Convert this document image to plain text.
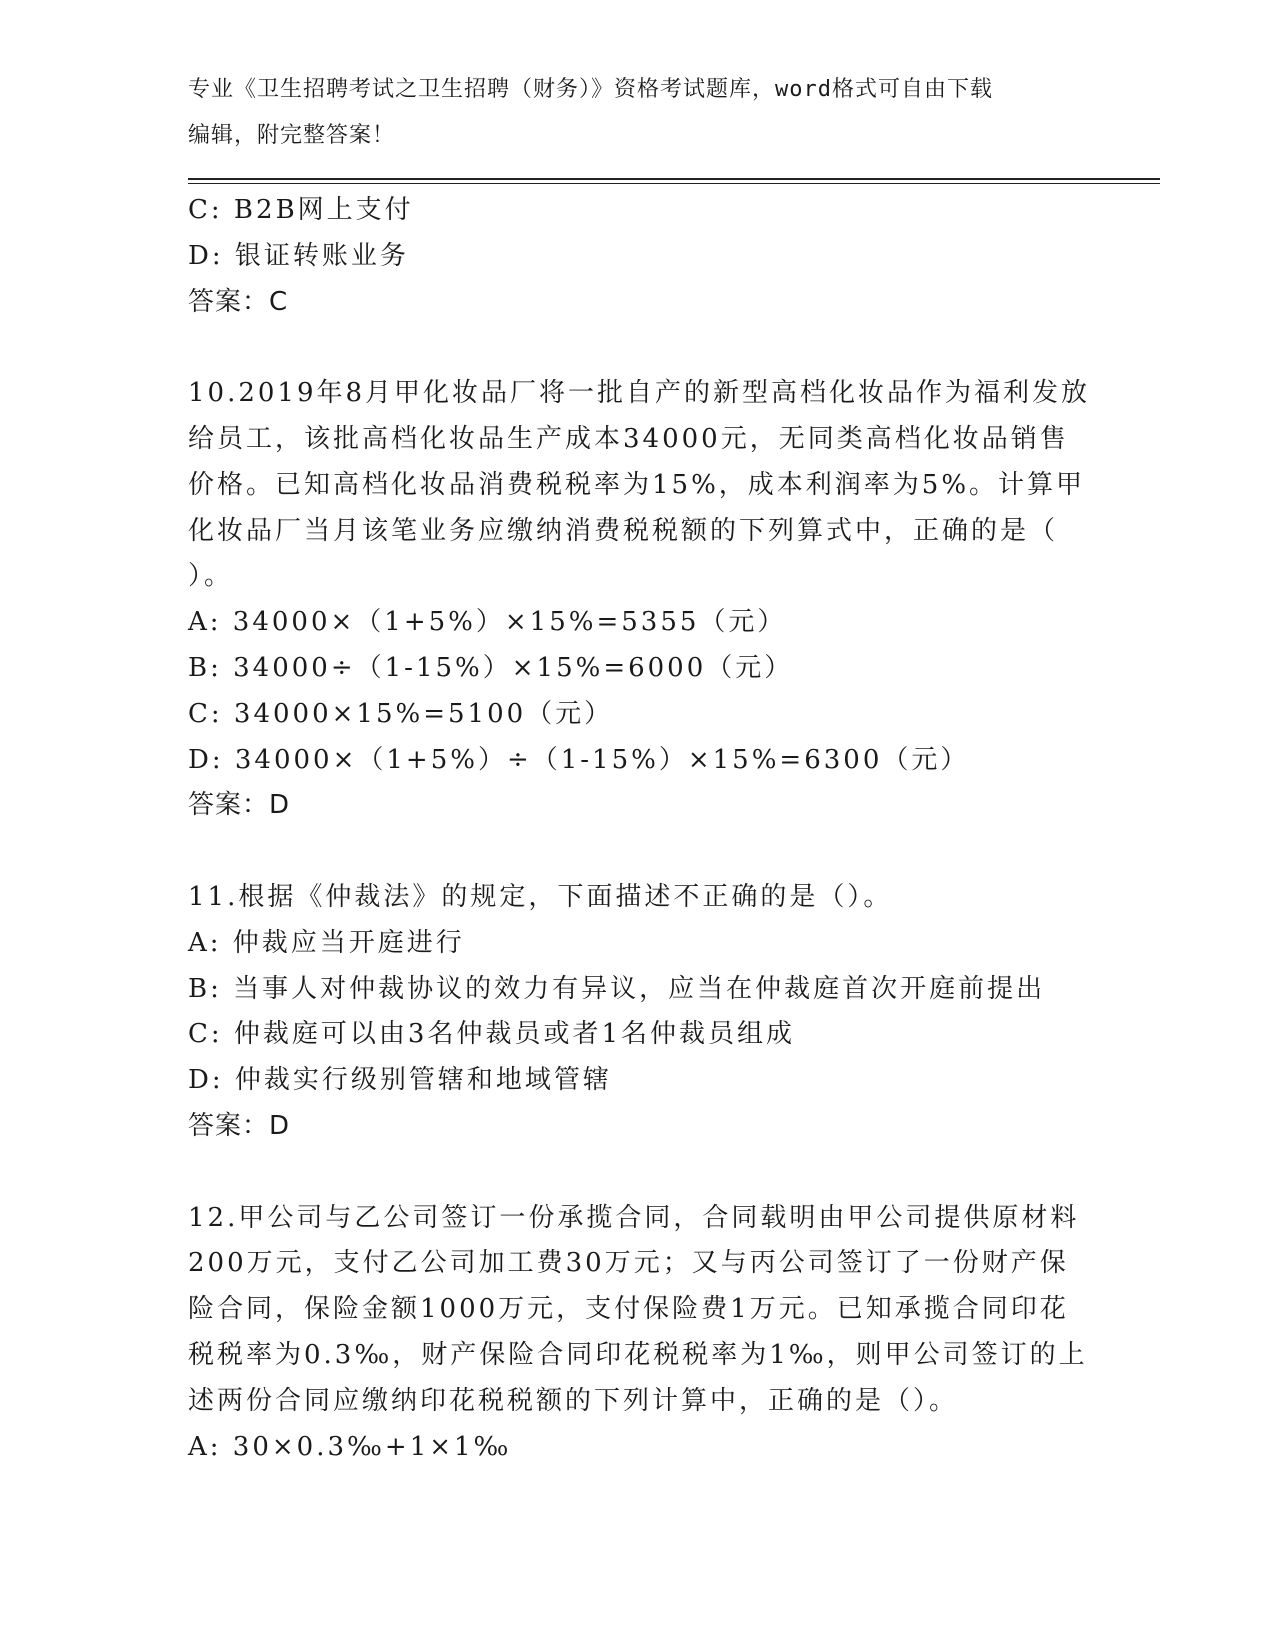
专业《卫生招聘考试之卫生招聘（财务）》资格考试题库，word格式可自由下载
编辑，附完整答案！
C: B2B网上支付
D: 银证转账业务
答案：C
10.2019年8月甲化妆品厂将一批自产的新型高档化妆品作为福利发放
给员工，该批高档化妆品生产成本34000元，无同类高档化妆品销售
价格。已知高档化妆品消费税税率为15%，成本利润率为5%。计算甲
化妆品厂当月该笔业务应缴纳消费税税额的下列算式中，正确的是（
）。
A: 34000×（1+5%）×15%=5355（元）
B: 34000÷（1-15%）×15%=6000（元）
C: 34000×15%=5100（元）
D: 34000×（1+5%）÷（1-15%）×15%=6300（元）
答案：D
11.根据《仲裁法》的规定，下面描述不正确的是（）。
A: 仲裁应当开庭进行
B: 当事人对仲裁协议的效力有异议，应当在仲裁庭首次开庭前提出
C: 仲裁庭可以由3名仲裁员或者1名仲裁员组成
D: 仲裁实行级别管辖和地域管辖
答案：D
12.甲公司与乙公司签订一份承揽合同，合同载明由甲公司提供原材料
200万元，支付乙公司加工费30万元；又与丙公司签订了一份财产保
险合同，保险金额1000万元，支付保险费1万元。已知承揽合同印花
税税率为0.3‰，财产保险合同印花税税率为1‰，则甲公司签订的上
述两份合同应缴纳印花税税额的下列计算中，正确的是（）。
A: 30×0.3‰+1×1‰
